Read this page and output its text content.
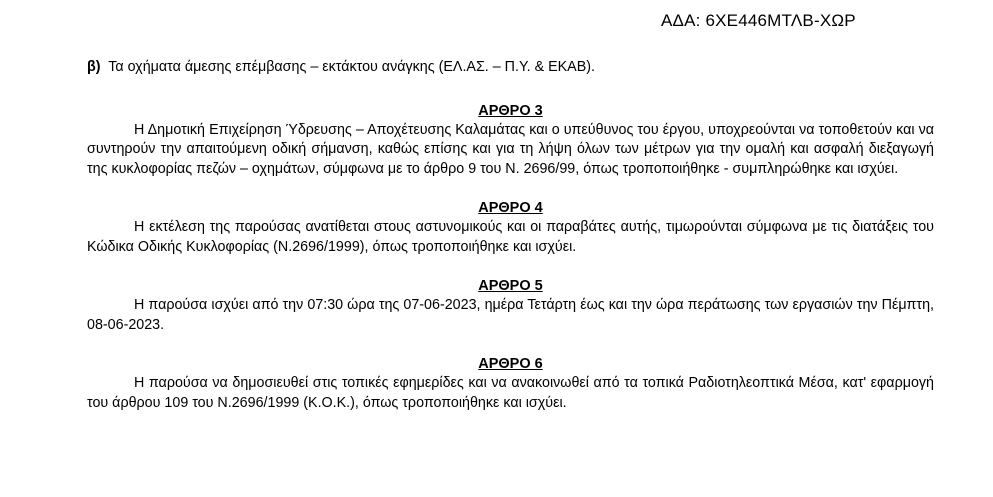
ΑΔΑ: 6ΧΕ446ΜΤΛΒ-ΧΩΡ

β) Τα οχήματα άμεσης επέμβασης – εκτάκτου ανάγκης (ΕΛ.ΑΣ. – Π.Υ. & ΕΚΑΒ).

ΑΡΘΡΟ 3

Η Δημοτική Επιχείρηση Ύδρευσης – Αποχέτευσης Καλαμάτας και ο υπεύθυνος του έργου, υποχρεούνται να τοποθετούν και να συντηρούν την απαιτούμενη οδική σήμανση, καθώς επίσης και για τη λήψη όλων των μέτρων για την ομαλή και ασφαλή διεξαγωγή της κυκλοφορίας πεζών – οχημάτων, σύμφωνα με το άρθρο 9 του Ν. 2696/99, όπως τροποποιήθηκε - συμπληρώθηκε και ισχύει.

ΑΡΘΡΟ 4

Η εκτέλεση της παρούσας ανατίθεται στους αστυνομικούς και οι παραβάτες αυτής, τιμωρούνται σύμφωνα με τις διατάξεις του Κώδικα Οδικής Κυκλοφορίας (Ν.2696/1999), όπως τροποποιήθηκε και ισχύει.

ΑΡΘΡΟ 5

Η παρούσα ισχύει από την 07:30 ώρα της 07-06-2023, ημέρα Τετάρτη έως και την ώρα περάτωσης των εργασιών την Πέμπτη, 08-06-2023.

ΑΡΘΡΟ 6

Η παρούσα να δημοσιευθεί στις τοπικές εφημερίδες και να ανακοινωθεί από τα τοπικά Ραδιοτηλεοπτικά Μέσα, κατ' εφαρμογή του άρθρου 109 του Ν.2696/1999 (Κ.Ο.Κ.), όπως τροποποιήθηκε και ισχύει.
